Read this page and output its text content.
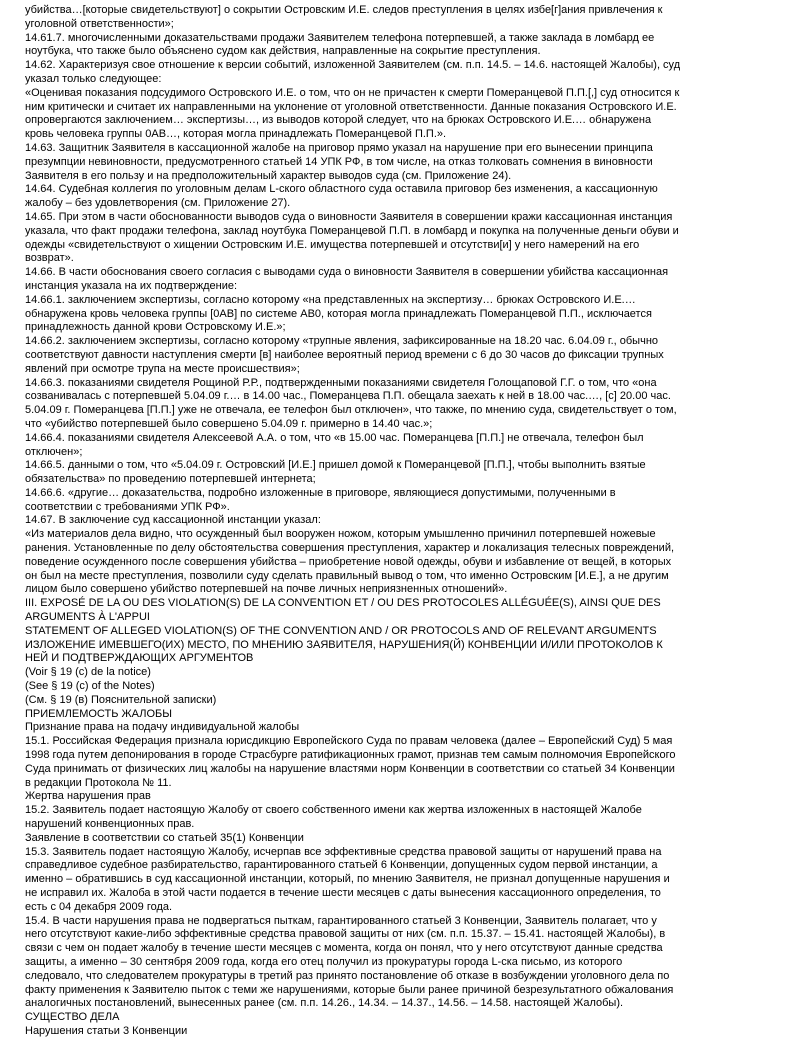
убийства…[которые свидетельствуют] о сокрытии Островским И.Е. следов преступления в целях избе[г]ания привлечения к
уголовной ответственности»;
14.61.7. многочисленными доказательствами продажи Заявителем телефона потерпевшей, а также заклада в ломбард ее
ноутбука, что также было объяснено судом как действия, направленные на сокрытие преступления.
14.62. Характеризуя свое отношение к версии событий, изложенной Заявителем (см. п.п. 14.5. – 14.6. настоящей Жалобы), суд
указал только следующее:
«Оценивая показания подсудимого Островского И.Е. о том, что он не причастен к смерти Померанцевой П.П.[,] суд относится к
ним критически и считает их направленными на уклонение от уголовной ответственности. Данные показания Островского И.Е.
опровергаются заключением… экспертизы…, из выводов которой следует, что на брюках Островского И.Е.… обнаружена
кровь человека группы 0АВ…, которая могла принадлежать Померанцевой П.П.».
14.63. Защитник Заявителя в кассационной жалобе на приговор прямо указал на нарушение при его вынесении принципа
презумпции невиновности, предусмотренного статьей 14 УПК РФ, в том числе, на отказ толковать сомнения в виновности
Заявителя в его пользу и на предположительный характер выводов суда (см. Приложение 24).
14.64. Судебная коллегия по уголовным делам L-ского областного суда оставила приговор без изменения, а кассационную
жалобу – без удовлетворения (см. Приложение 27).
14.65. При этом в части обоснованности выводов суда о виновности Заявителя в совершении кражи кассационная инстанция
указала, что факт продажи телефона, заклад ноутбука Померанцевой П.П. в ломбард и покупка на полученные деньги обуви и
одежды «свидетельствуют о хищении Островским И.Е. имущества потерпевшей и отсутстви[и] у него намерений на его
возврат».
14.66. В части обоснования своего согласия с выводами суда о виновности Заявителя в совершении убийства кассационная
инстанция указала на их подтверждение:
14.66.1. заключением экспертизы, согласно которому «на представленных на экспертизу… брюках Островского И.Е.…
обнаружена кровь человека группы [0АВ] по системе АВ0, которая могла принадлежать Померанцевой П.П., исключается
принадлежность данной крови Островскому И.Е.»;
14.66.2. заключением экспертизы, согласно которому «трупные явления, зафиксированные на 18.20 час. 6.04.09 г., обычно
соответствуют давности наступления смерти [в] наиболее вероятный период времени с 6 до 30 часов до фиксации трупных
явлений при осмотре трупа на месте происшествия»;
14.66.3. показаниями свидетеля Рощиной Р.Р., подтвержденными показаниями свидетеля Голощаповой Г.Г. о том, что «она
созванивалась с потерпевшей 5.04.09 г.… в 14.00 час., Померанцева П.П. обещала заехать к ней в 18.00 час.…, [с] 20.00 час.
5.04.09 г. Померанцева [П.П.] уже не отвечала, ее телефон был отключен», что также, по мнению суда, свидетельствует о том,
что «убийство потерпевшей было совершено 5.04.09 г. примерно в 14.40 час.»;
14.66.4. показаниями свидетеля Алексеевой А.А. о том, что «в 15.00 час. Померанцева [П.П.] не отвечала, телефон был
отключен»;
14.66.5. данными о том, что «5.04.09 г. Островский [И.Е.] пришел домой к Померанцевой [П.П.], чтобы выполнить взятые
обязательства» по проведению потерпевшей интернета;
14.66.6. «другие… доказательства, подробно изложенные в приговоре, являющиеся допустимыми, полученными в
соответствии с требованиями УПК РФ».
14.67. В заключение суд кассационной инстанции указал:
«Из материалов дела видно, что осужденный был вооружен ножом, которым умышленно причинил потерпевшей ножевые
ранения. Установленные по делу обстоятельства совершения преступления, характер и локализация телесных повреждений,
поведение осужденного после совершения убийства – приобретение новой одежды, обуви и избавление от вещей, в которых
он был на месте преступления, позволили суду сделать правильный вывод о том, что именно Островским [И.Е.], а не другим
лицом было совершено убийство потерпевшей на почве личных неприязненных отношений».
III. EXPOSÉ DE LA OU DES VIOLATION(S) DE LA CONVENTION ET / OU DES PROTOCOLES ALLÉGUÉE(S), AINSI QUE DES
ARGUMENTS À L'APPUI
STATEMENT OF ALLEGED VIOLATION(S) OF THE CONVENTION AND / OR PROTOCOLS AND OF RELEVANT ARGUMENTS
ИЗЛОЖЕНИЕ ИМЕВШЕГО(ИХ) МЕСТО, ПО МНЕНИЮ ЗАЯВИТЕЛЯ, НАРУШЕНИЯ(Й) КОНВЕНЦИИ И/ИЛИ ПРОТОКОЛОВ К
НЕЙ И ПОДТВЕРЖДАЮЩИХ АРГУМЕНТОВ
(Voir § 19 (c) de la notice)
(See § 19 (c) of the Notes)
(См. § 19 (в) Пояснительной записки)
ПРИЕМЛЕМОСТЬ ЖАЛОБЫ
Признание права на подачу индивидуальной жалобы
15.1. Российская Федерация признала юрисдикцию Европейского Суда по правам человека (далее – Европейский Суд) 5 мая
1998 года путем депонирования в городе Страсбурге ратификационных грамот, признав тем самым полномочия Европейского
Суда принимать от физических лиц жалобы на нарушение властями норм Конвенции в соответствии со статьей 34 Конвенции
в редакции Протокола № 11.
Жертва нарушения прав
15.2. Заявитель подает настоящую Жалобу от своего собственного имени как жертва изложенных в настоящей Жалобе
нарушений конвенционных прав.
Заявление в соответствии со статьей 35(1) Конвенции
15.3. Заявитель подает настоящую Жалобу, исчерпав все эффективные средства правовой защиты от нарушений права на
справедливое судебное разбирательство, гарантированного статьей 6 Конвенции, допущенных судом первой инстанции, а
именно – обратившись в суд кассационной инстанции, который, по мнению Заявителя, не признал допущенные нарушения и
не исправил их. Жалоба в этой части подается в течение шести месяцев с даты вынесения кассационного определения, то
есть с 04 декабря 2009 года.
15.4. В части нарушения права не подвергаться пыткам, гарантированного статьей 3 Конвенции, Заявитель полагает, что у
него отсутствуют какие-либо эффективные средства правовой защиты от них (см. п.п. 15.37. – 15.41. настоящей Жалобы), в
связи с чем он подает жалобу в течение шести месяцев с момента, когда он понял, что у него отсутствуют данные средства
защиты, а именно – 30 сентября 2009 года, когда его отец получил из прокуратуры города L-ска письмо, из которого
следовало, что следователем прокуратуры в третий раз принято постановление об отказе в возбуждении уголовного дела по
факту применения к Заявителю пыток с теми же нарушениями, которые были ранее причиной безрезультатного обжалования
аналогичных постановлений, вынесенных ранее (см. п.п. 14.26., 14.34. – 14.37., 14.56. – 14.58. настоящей Жалобы).
СУЩЕСТВО ДЕЛА
Нарушения статьи 3 Конвенции
